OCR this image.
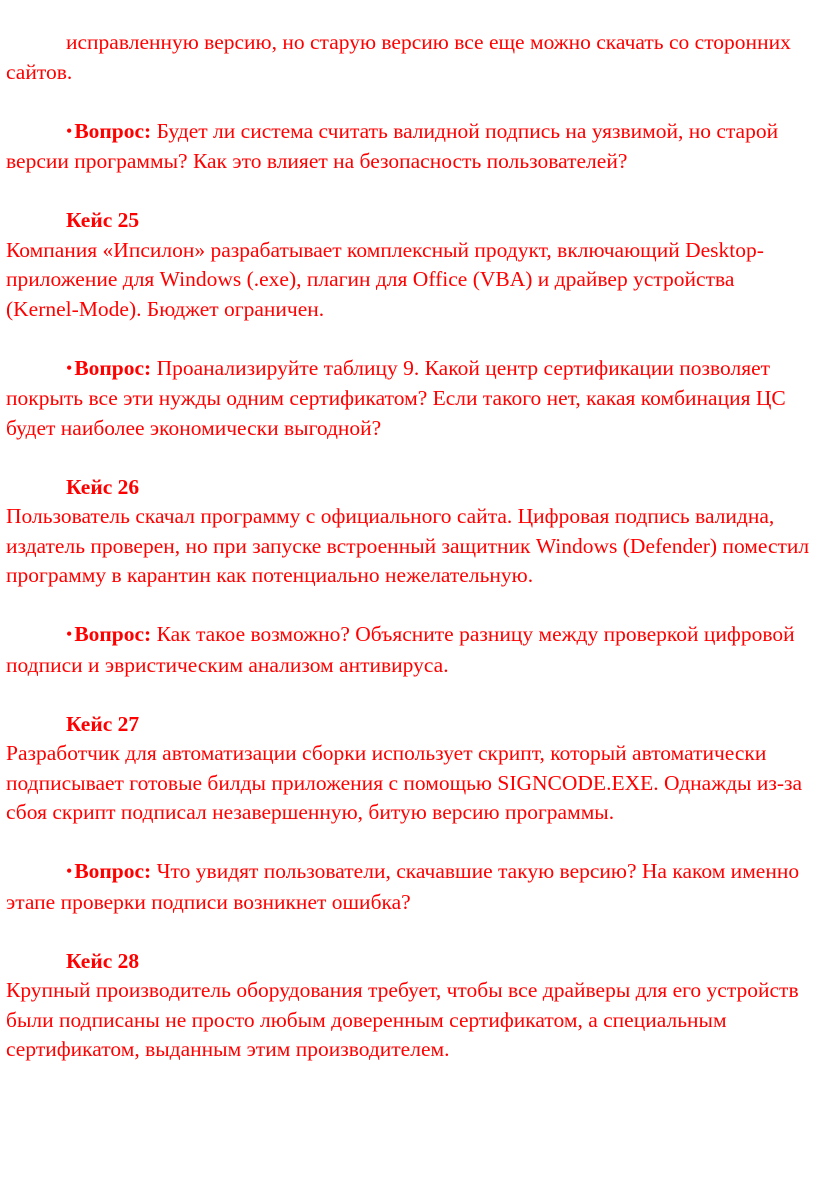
исправленную версию, но старую версию все еще можно скачать со сторонних сайтов.

•Вопрос: Будет ли система считать валидной подпись на уязвимой, но старой версии программы? Как это влияет на безопасность пользователей?

Кейс 25

Компания «Ипсилон» разрабатывает комплексный продукт, включающий Desktop-приложение для Windows (.exe), плагин для Office (VBA) и драйвер устройства (Kernel-Mode). Бюджет ограничен.

•Вопрос: Проанализируйте таблицу 9. Какой центр сертификации позволяет покрыть все эти нужды одним сертификатом? Если такого нет, какая комбинация ЦС будет наиболее экономически выгодной?

Кейс 26

Пользователь скачал программу с официального сайта. Цифровая подпись валидна, издатель проверен, но при запуске встроенный защитник Windows (Defender) поместил программу в карантин как потенциально нежелательную.

•Вопрос: Как такое возможно? Объясните разницу между проверкой цифровой подписи и эвристическим анализом антивируса.

Кейс 27

Разработчик для автоматизации сборки использует скрипт, который автоматически подписывает готовые билды приложения с помощью SIGNCODE.EXE. Однажды из-за сбоя скрипт подписал незавершенную, битую версию программы.

•Вопрос: Что увидят пользователи, скачавшие такую версию? На каком именно этапе проверки подписи возникнет ошибка?

Кейс 28

Крупный производитель оборудования требует, чтобы все драйверы для его устройств были подписаны не просто любым доверенным сертификатом, а специальным сертификатом, выданным этим производителем.
